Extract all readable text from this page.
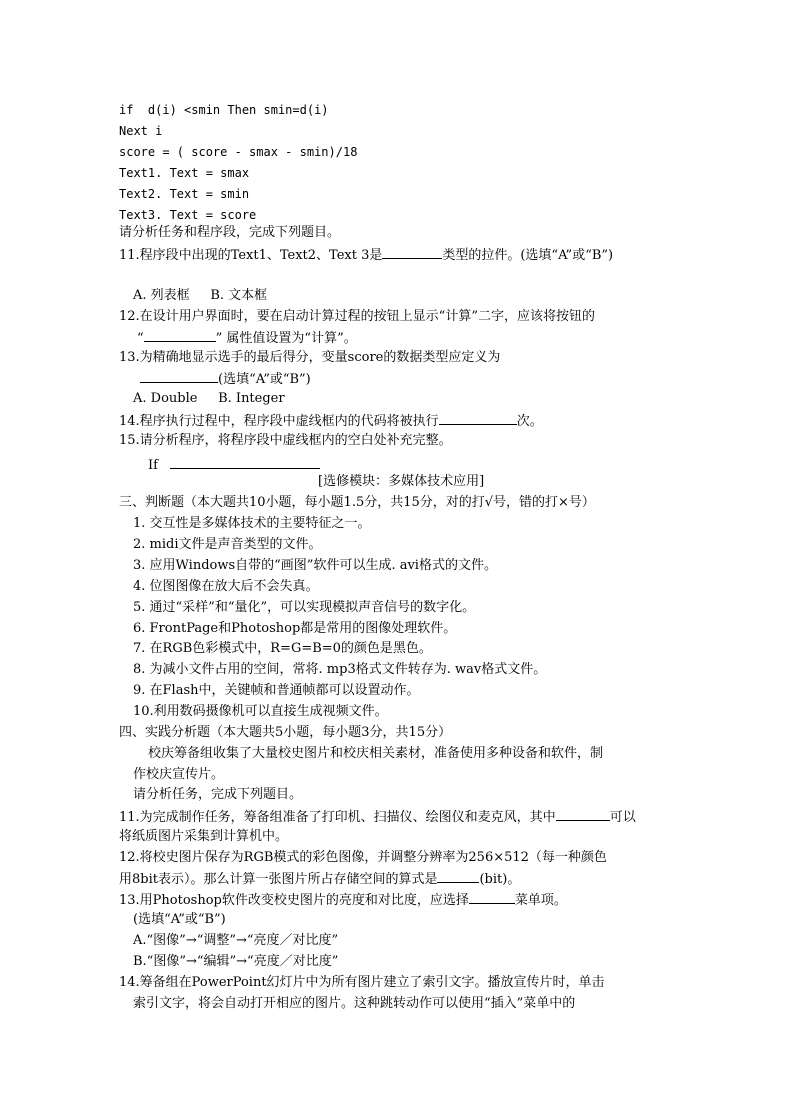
if  d(i) <smin Then smin=d(i)
Next i
score = ( score - smax - smin)/18
Text1. Text = smax
Text2. Text = smin
Text3. Text = score
请分析任务和程序段，完成下列题目。
11.程序段中出现的Text1、Text2、Text 3是	类型的拉件。(选填“A”或“B”)
A. 列表框     B. 文本框
12.在设计用户界面时，要在启动计算过程的按钮上显示“计算”二字，应该将按钮的
“	” 属性值设置为“计算”。
13.为精确地显示选手的最后得分，变量score的数据类型应定义为
(选填“A”或“B”)
A. Double     B. Integer
14.程序执行过程中，程序段中虚线框内的代码将被执行	次。
15.请分析程序，将程序段中虚线框内的空白处补充完整。
If
[选修模块：多媒体技术应用]
三、判断题（本大题共10小题，每小题1.5分，共15分，对的打√号，错的打×号）
1. 交互性是多媒体技术的主要特征之一。
2. midi文件是声音类型的文件。
3. 应用Windows自带的“画图”软件可以生成. avi格式的文件。
4. 位图图像在放大后不会失真。
5. 通过“采样”和“量化”，可以实现模拟声音信号的数字化。
6. FrontPage和Photoshop都是常用的图像处理软件。
7. 在RGB色彩模式中，R=G=B=0的颜色是黑色。
8. 为减小文件占用的空间，常将. mp3格式文件转存为. wav格式文件。
9. 在Flash中，关键帧和普通帧都可以设置动作。
10.利用数码摄像机可以直接生成视频文件。
四、实践分析题（本大题共5小题，每小题3分，共15分）
校庆筹备组收集了大量校史图片和校庆相关素材，准备使用多种设备和软件，制
作校庆宣传片。
请分析任务，完成下列题目。
11.为完成制作任务，筹备组准备了打印机、扫描仪、绘图仪和麦克风，其中	可以
将纸质图片采集到计算机中。
12.将校史图片保存为RGB模式的彩色图像，并调整分辨率为256×512（每一种颜色
用8bit表示）。那么计算一张图片所占存储空间的算式是	(bit)。
13.用Photoshop软件改变校史图片的亮度和对比度，应选择	菜单项。
(选填“A”或“B”)
A.“图像”→“调整”→“亮度／对比度”
B.“图像”→“编辑”→“亮度／对比度”
14.筹备组在PowerPoint幻灯片中为所有图片建立了索引文字。播放宣传片时，单击
索引文字，将会自动打开相应的图片。这种跳转动作可以使用“插入”菜单中的
